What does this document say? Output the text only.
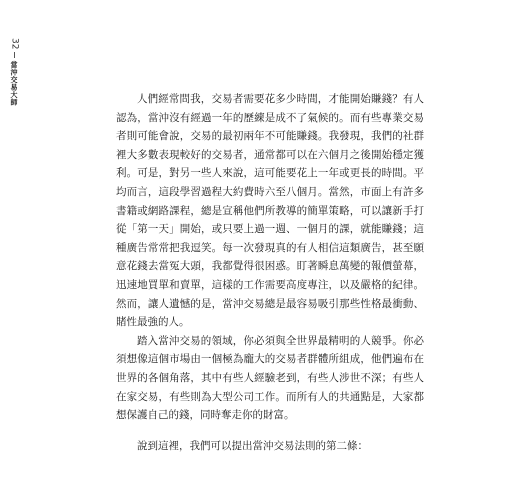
32
當沖交易大師	人們經常問我，交易者需要花多少時間，才能開始賺錢？有人認為，當沖沒有經過一年的歷練是成不了氣候的。而有些專業交易者則可能會說，交易的最初兩年不可能賺錢。我發現，我們的社群裡大多數表現較好的交易者，通常都可以在六個月之後開始穩定獲利。可是，對另一些人來說，這可能要花上一年或更長的時間。平均而言，這段學習過程大約費時六至八個月。當然，市面上有許多書籍或網路課程，總是宣稱他們所教導的簡單策略，可以讓新手打從「第一天」開始，或只要上過一週、一個月的課，就能賺錢；這種廣告常常把我逗笑。每一次發現真的有人相信這類廣告，甚至願意花錢去當冤大頭，我都覺得很困惑。盯著瞬息萬變的報價螢幕，迅速地買單和賣單，這樣的工作需要高度專注，以及嚴格的紀律。然而，讓人遺憾的是，當沖交易總是最容易吸引那些性格最衝動、賭性最強的人。

踏入當沖交易的領域，你必須與全世界最精明的人競爭。你必須想像這個市場由一個極為龐大的交易者群體所組成，他們遍布在世界的各個角落，其中有些人經驗老到，有些人涉世不深；有些人在家交易，有些則為大型公司工作。而所有人的共通點是，大家都想保護自己的錢，同時奪走你的財富。

說到這裡，我們可以提出當沖交易法則的第二條：
